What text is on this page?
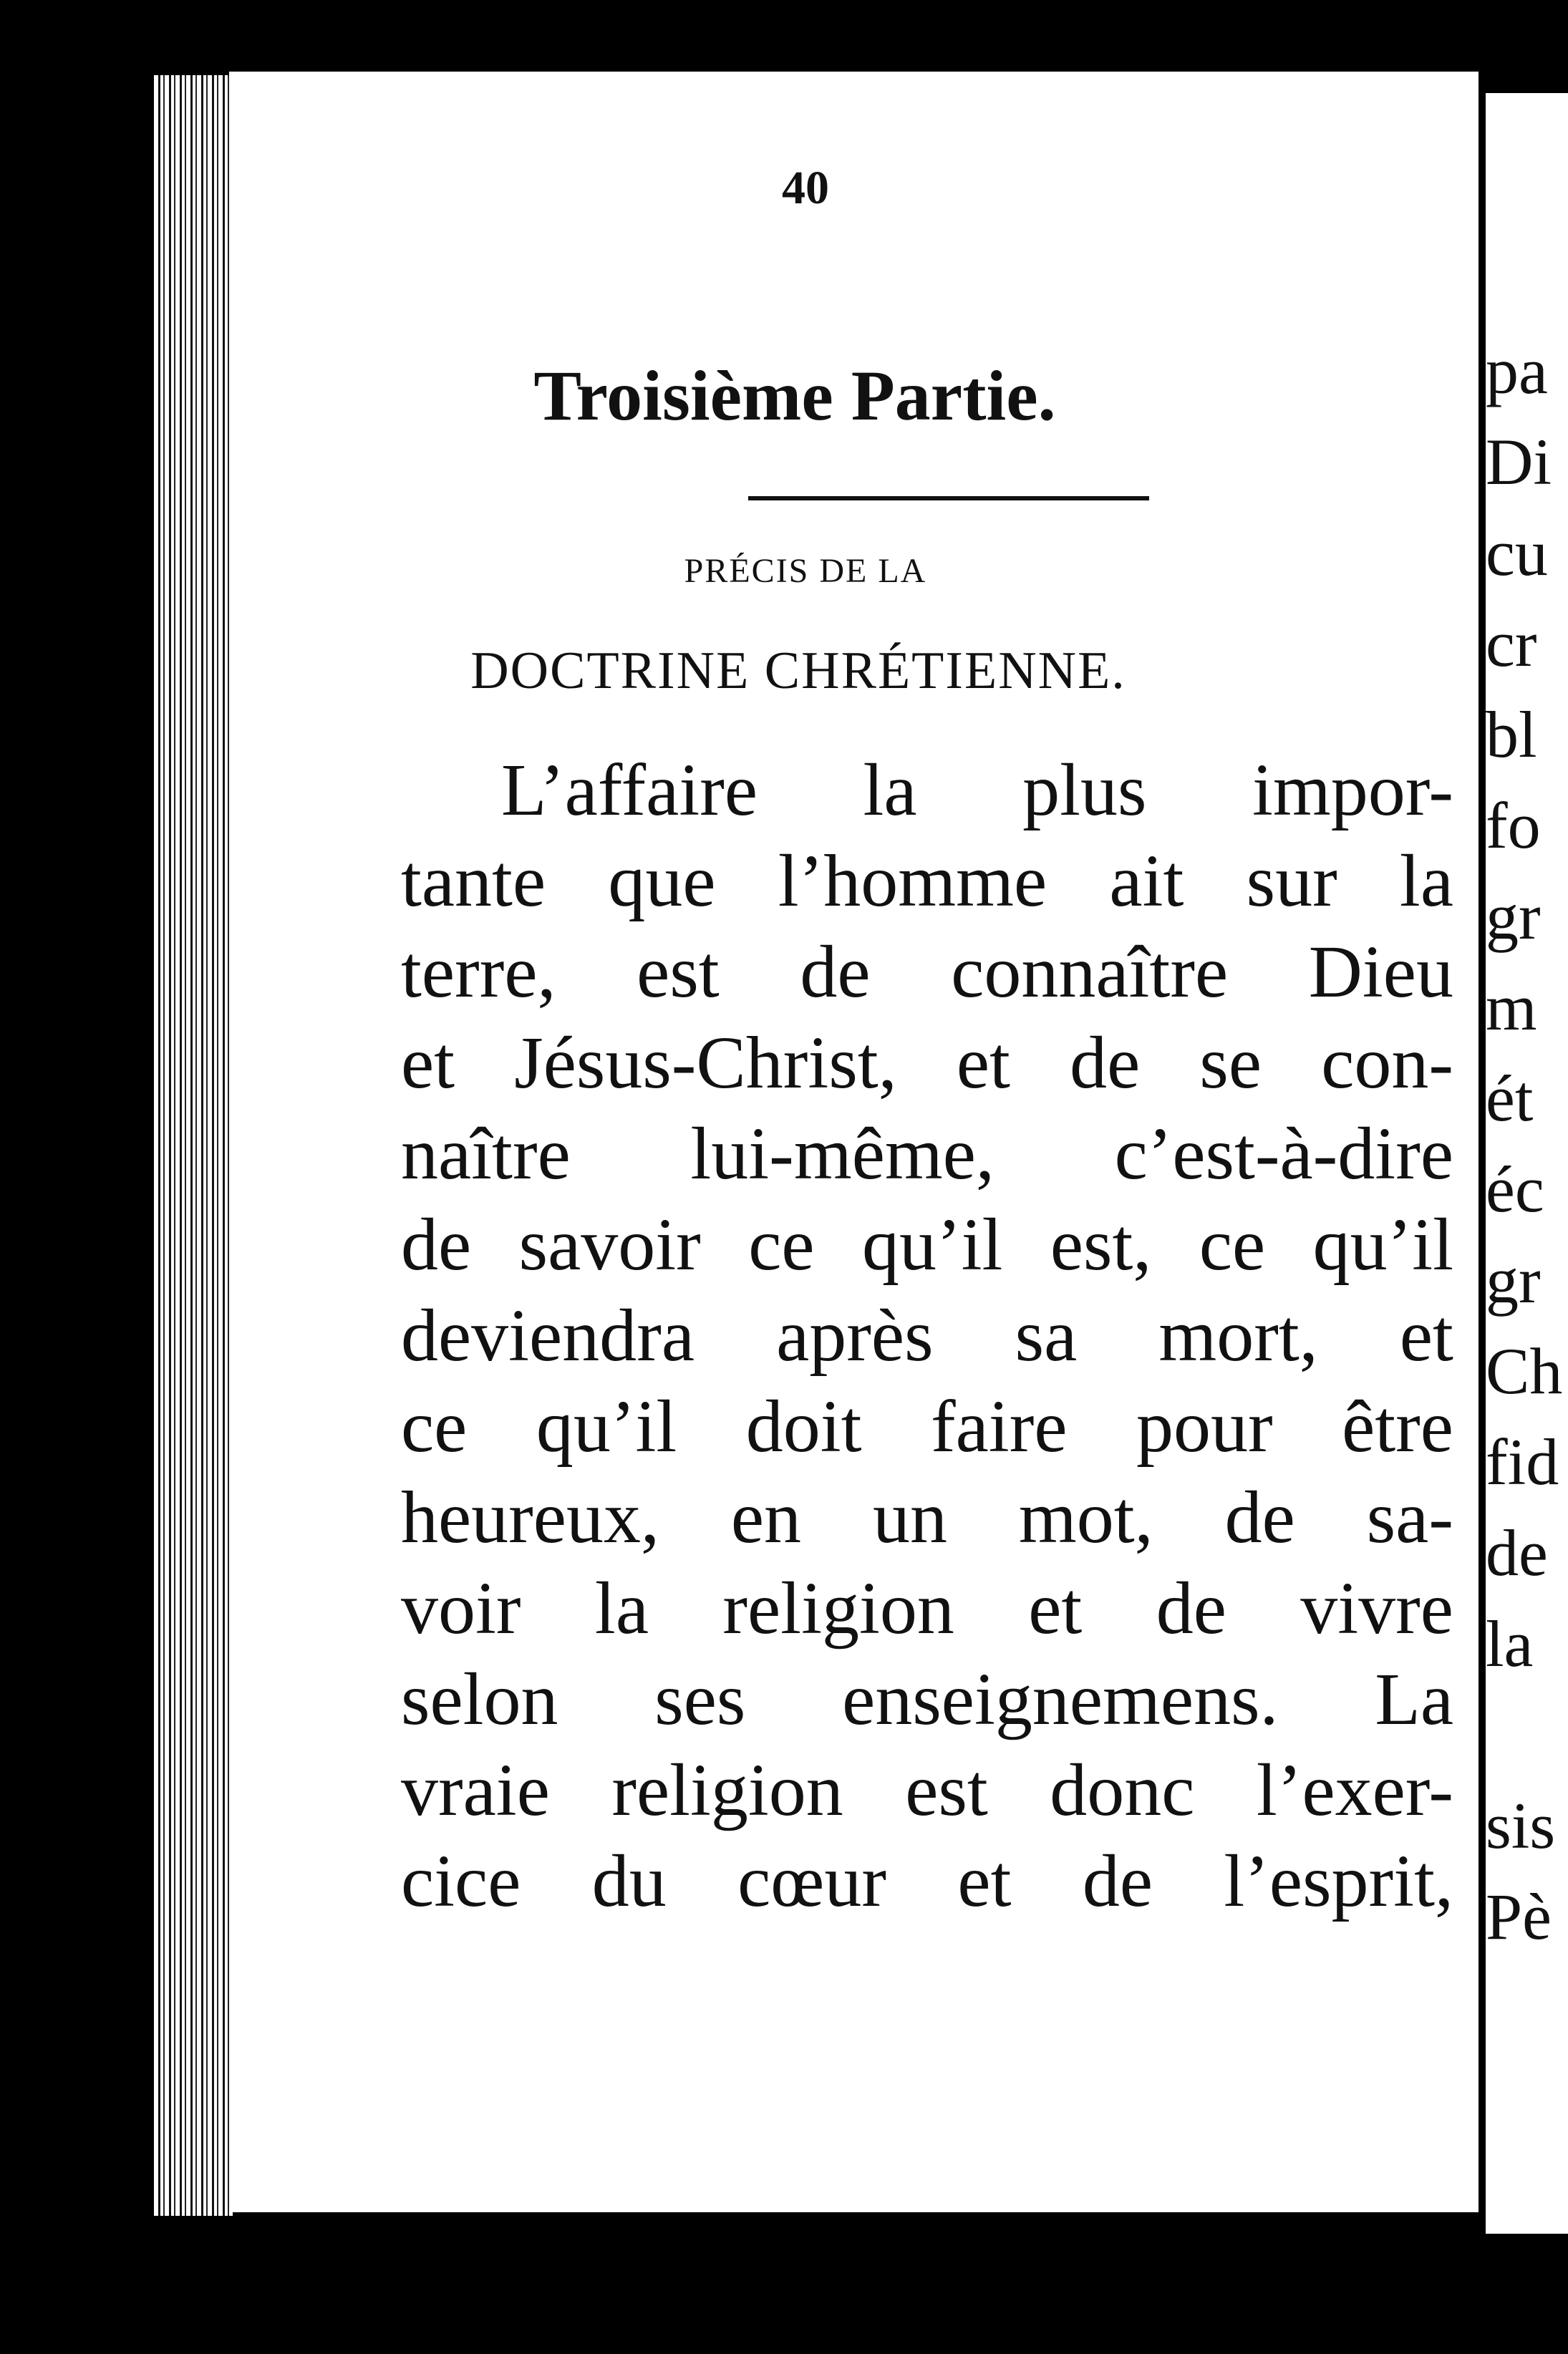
40
Troisième Partie.
PRÉCIS DE LA
DOCTRINE CHRÉTIENNE.
L’affaire la plus impor-
tante que l’homme ait sur la
terre, est de connaître Dieu
et Jésus-Christ, et de se con-
naître lui-même, c’est-à-dire
de savoir ce qu’il est, ce qu’il
deviendra après sa mort, et
ce qu’il doit faire pour être
heureux, en un mot, de sa-
voir la religion et de vivre
selon ses enseignemens. La
vraie religion est donc l’exer-
cice du cœur et de l’esprit,
pa
Di
cu
cr
bl
fo
gr
m
ét
éc
gr
Ch
fid
de
la
sis
Pè
